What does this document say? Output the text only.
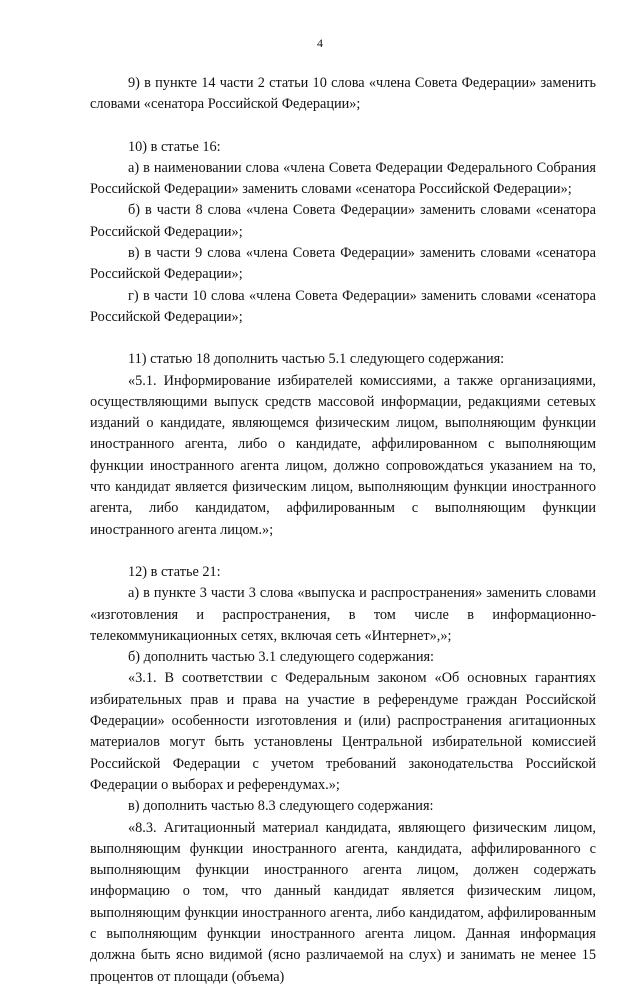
4

9) в пункте 14 части 2 статьи 10 слова «члена Совета Федерации» заменить словами «сенатора Российской Федерации»;

10) в статье 16:

а) в наименовании слова «члена Совета Федерации Федерального Собрания Российской Федерации» заменить словами «сенатора Российской Федерации»;

б) в части 8 слова «члена Совета Федерации» заменить словами «сенатора Российской Федерации»;

в) в части 9 слова «члена Совета Федерации» заменить словами «сенатора Российской Федерации»;

г) в части 10 слова «члена Совета Федерации» заменить словами «сенатора Российской Федерации»;

11) статью 18 дополнить частью 5.1 следующего содержания:

«5.1. Информирование избирателей комиссиями, а также организациями, осуществляющими выпуск средств массовой информации, редакциями сетевых изданий о кандидате, являющемся физическим лицом, выполняющим функции иностранного агента, либо о кандидате, аффилированном с выполняющим функции иностранного агента лицом, должно сопровождаться указанием на то, что кандидат является физическим лицом, выполняющим функции иностранного агента, либо кандидатом, аффилированным с выполняющим функции иностранного агента лицом.»;

12) в статье 21:

а) в пункте 3 части 3 слова «выпуска и распространения» заменить словами «изготовления и распространения, в том числе в информационно-телекоммуникационных сетях, включая сеть «Интернет»,»;

б) дополнить частью 3.1 следующего содержания:

«3.1. В соответствии с Федеральным законом «Об основных гарантиях избирательных прав и права на участие в референдуме граждан Российской Федерации» особенности изготовления и (или) распространения агитационных материалов могут быть установлены Центральной избирательной комиссией Российской Федерации с учетом требований законодательства Российской Федерации о выборах и референдумах.»;

в) дополнить частью 8.3 следующего содержания:

«8.3. Агитационный материал кандидата, являющего физическим лицом, выполняющим функции иностранного агента, кандидата, аффилированного с выполняющим функции иностранного агента лицом, должен содержать информацию о том, что данный кандидат является физическим лицом, выполняющим функции иностранного агента, либо кандидатом, аффилированным с выполняющим функции иностранного агента лицом. Данная информация должна быть ясно видимой (ясно различаемой на слух) и занимать не менее 15 процентов от площади (объема)
